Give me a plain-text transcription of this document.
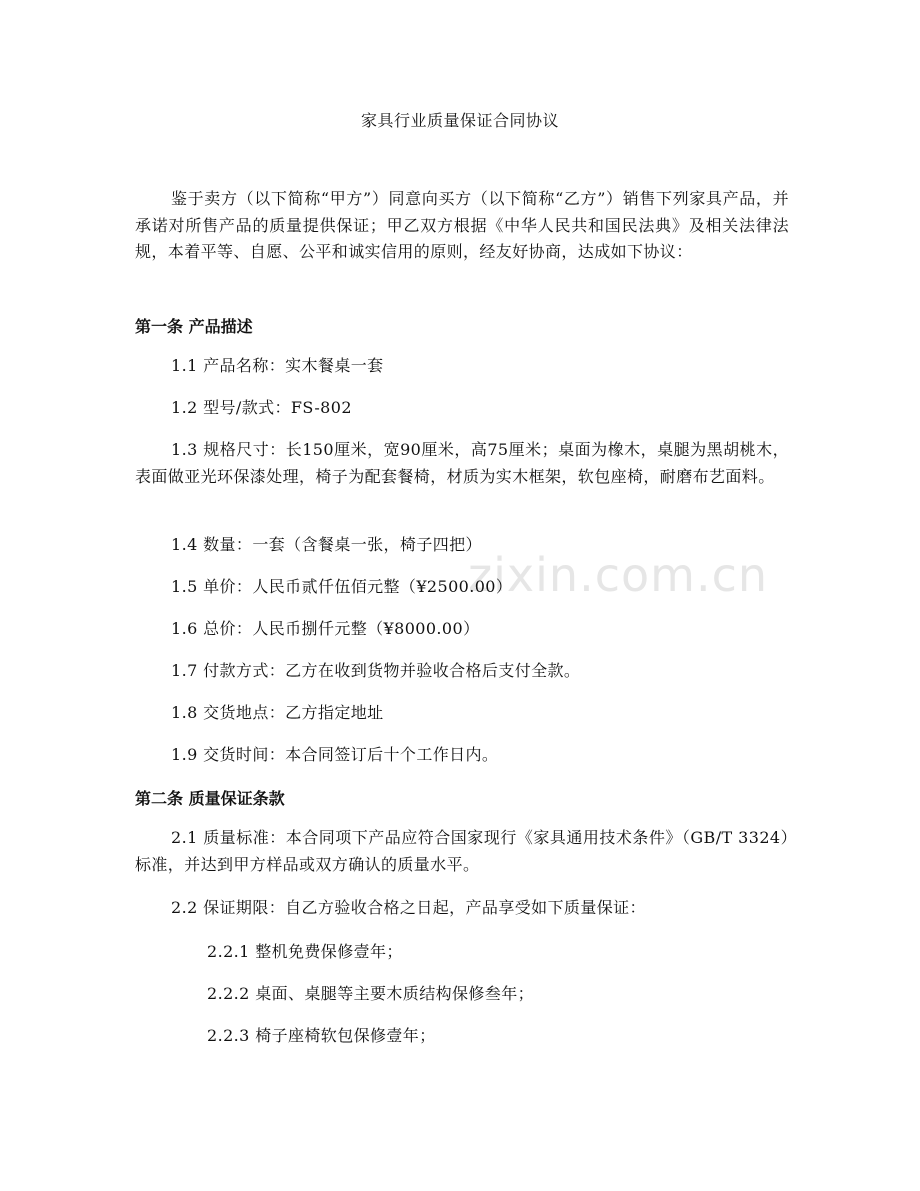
zixin.com.cn
家具行业质量保证合同协议

鉴于卖方（以下简称“甲方”）同意向买方（以下简称“乙方”）销售下列家具产品，并承诺对所售产品的质量提供保证；甲乙双方根据《中华人民共和国民法典》及相关法律法规，本着平等、自愿、公平和诚实信用的原则，经友好协商，达成如下协议：

第一条 产品描述

1.1 产品名称：实木餐桌一套

1.2 型号/款式：FS-802

1.3 规格尺寸：长150厘米，宽90厘米，高75厘米；桌面为橡木，桌腿为黑胡桃木，表面做亚光环保漆处理，椅子为配套餐椅，材质为实木框架，软包座椅，耐磨布艺面料。

1.4 数量：一套（含餐桌一张，椅子四把）

1.5 单价：人民币贰仟伍佰元整（¥2500.00）

1.6 总价：人民币捌仟元整（¥8000.00）

1.7 付款方式：乙方在收到货物并验收合格后支付全款。

1.8 交货地点：乙方指定地址

1.9 交货时间：本合同签订后十个工作日内。

第二条 质量保证条款

2.1 质量标准：本合同项下产品应符合国家现行《家具通用技术条件》（GB/T 3324）标准，并达到甲方样品或双方确认的质量水平。

2.2 保证期限：自乙方验收合格之日起，产品享受如下质量保证：

2.2.1 整机免费保修壹年；

2.2.2 桌面、桌腿等主要木质结构保修叁年；

2.2.3 椅子座椅软包保修壹年；
